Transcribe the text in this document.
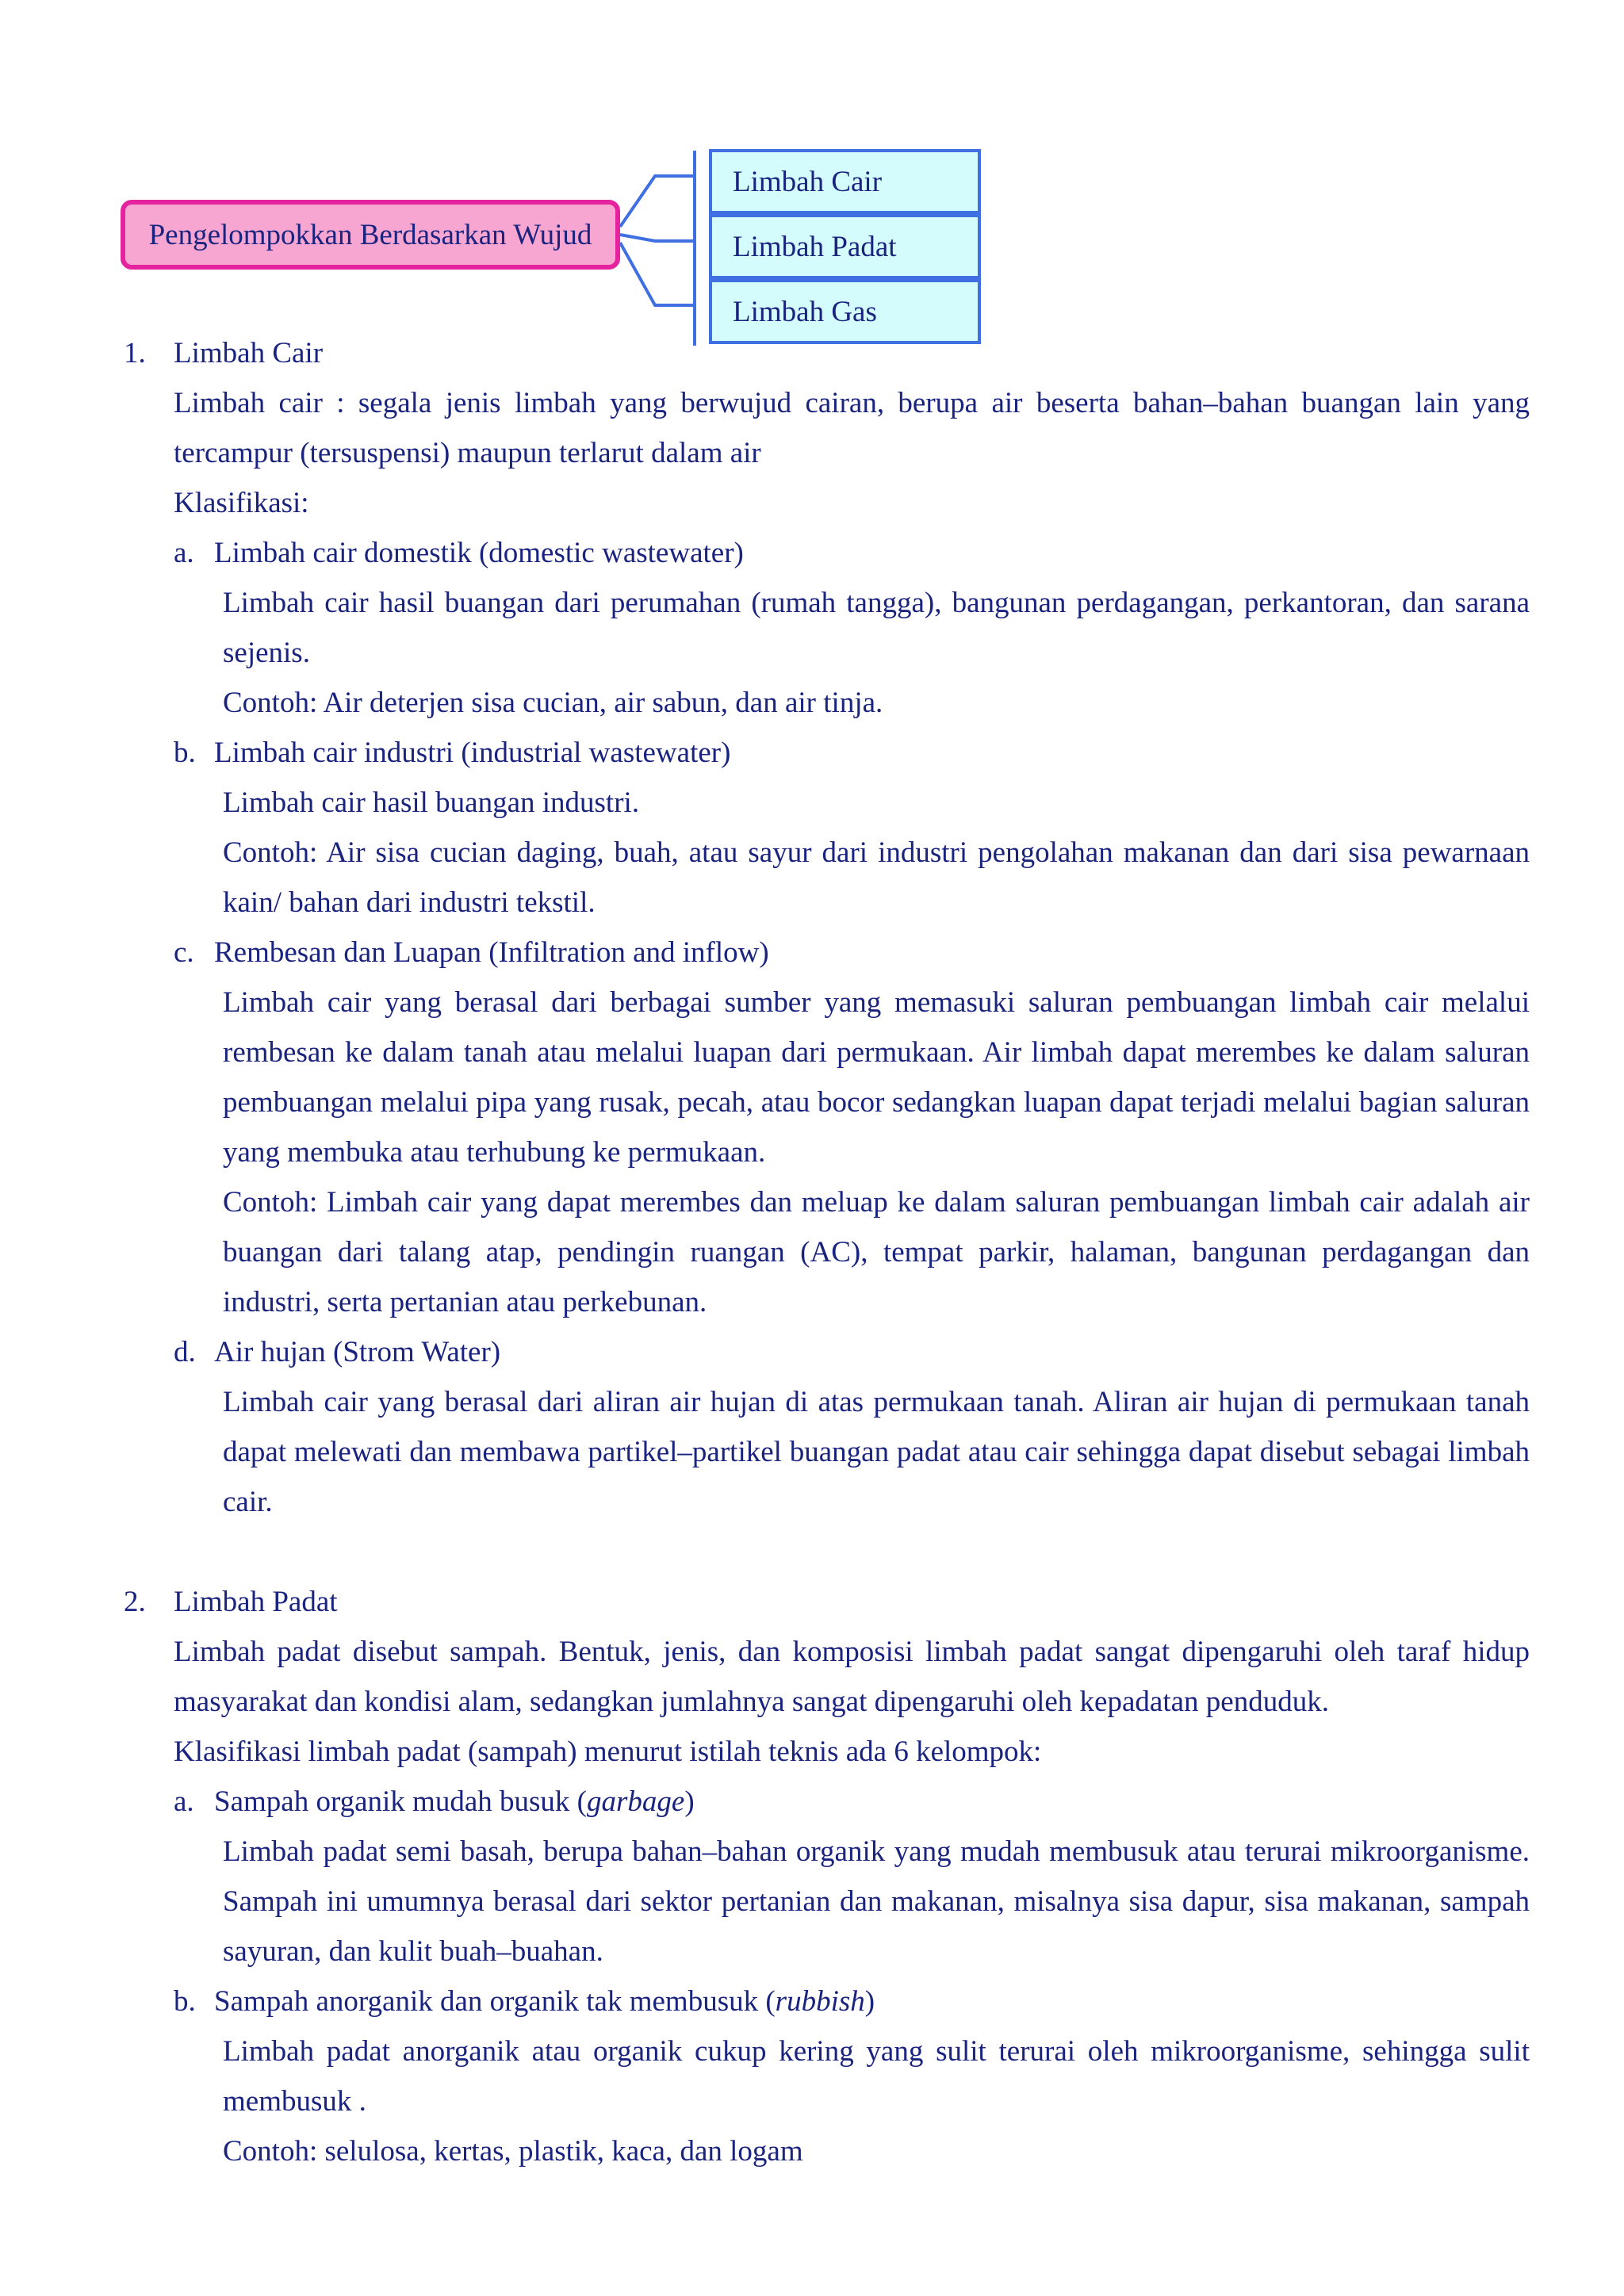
Pengelompokkan Berdasarkan Wujud
Limbah Cair
Limbah Padat
Limbah Gas
1. Limbah Cair
Limbah cair : segala jenis limbah yang berwujud cairan, berupa air beserta bahan–bahan buangan lain yang tercampur (tersuspensi) maupun terlarut dalam air
Klasifikasi:
a. Limbah cair domestik (domestic wastewater)
Limbah cair hasil buangan dari perumahan (rumah tangga), bangunan perdagangan, perkantoran, dan sarana sejenis.
Contoh: Air deterjen sisa cucian, air sabun, dan air tinja.
b. Limbah cair industri (industrial wastewater)
Limbah cair hasil buangan industri.
Contoh: Air sisa cucian daging, buah, atau sayur dari industri pengolahan makanan dan dari sisa pewarnaan kain/ bahan dari industri tekstil.
c. Rembesan dan Luapan (Infiltration and inflow)
Limbah cair yang berasal dari berbagai sumber yang memasuki saluran pembuangan limbah cair melalui rembesan ke dalam tanah atau melalui luapan dari permukaan. Air limbah dapat merembes ke dalam saluran pembuangan melalui pipa yang rusak, pecah, atau bocor sedangkan luapan dapat terjadi melalui bagian saluran yang membuka atau terhubung ke permukaan.
Contoh: Limbah cair yang dapat merembes dan meluap ke dalam saluran pembuangan limbah cair adalah air buangan dari talang atap, pendingin ruangan (AC), tempat parkir, halaman, bangunan perdagangan dan industri, serta pertanian atau perkebunan.
d. Air hujan (Strom Water)
Limbah cair yang berasal dari aliran air hujan di atas permukaan tanah. Aliran air hujan di permukaan tanah dapat melewati dan membawa partikel–partikel buangan padat atau cair sehingga dapat disebut sebagai limbah cair.
2. Limbah Padat
Limbah padat disebut sampah. Bentuk, jenis, dan komposisi limbah padat sangat dipengaruhi oleh taraf hidup masyarakat dan kondisi alam, sedangkan jumlahnya sangat dipengaruhi oleh kepadatan penduduk.
Klasifikasi limbah padat (sampah) menurut istilah teknis ada 6 kelompok:
a. Sampah organik mudah busuk (garbage)
Limbah padat semi basah, berupa bahan–bahan organik yang mudah membusuk atau terurai mikroorganisme. Sampah ini umumnya berasal dari sektor pertanian dan makanan, misalnya sisa dapur, sisa makanan, sampah sayuran, dan kulit buah–buahan.
b. Sampah anorganik dan organik tak membusuk (rubbish)
Limbah padat anorganik atau organik cukup kering yang sulit terurai oleh mikroorganisme, sehingga sulit membusuk .
Contoh: selulosa, kertas, plastik, kaca, dan logam
